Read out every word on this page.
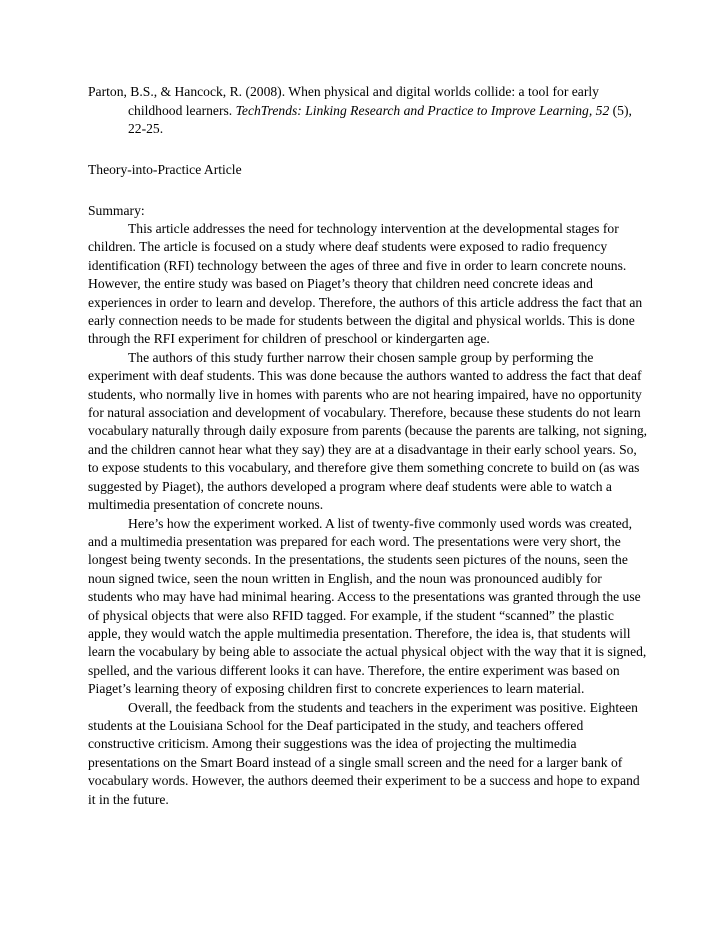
Parton, B.S., & Hancock, R. (2008). When physical and digital worlds collide: a tool for early childhood learners. TechTrends: Linking Research and Practice to Improve Learning, 52 (5), 22-25.

Theory-into-Practice Article

Summary:

This article addresses the need for technology intervention at the developmental stages for children. The article is focused on a study where deaf students were exposed to radio frequency identification (RFI) technology between the ages of three and five in order to learn concrete nouns. However, the entire study was based on Piaget’s theory that children need concrete ideas and experiences in order to learn and develop. Therefore, the authors of this article address the fact that an early connection needs to be made for students between the digital and physical worlds. This is done through the RFI experiment for children of preschool or kindergarten age.

The authors of this study further narrow their chosen sample group by performing the experiment with deaf students. This was done because the authors wanted to address the fact that deaf students, who normally live in homes with parents who are not hearing impaired, have no opportunity for natural association and development of vocabulary. Therefore, because these students do not learn vocabulary naturally through daily exposure from parents (because the parents are talking, not signing, and the children cannot hear what they say) they are at a disadvantage in their early school years. So, to expose students to this vocabulary, and therefore give them something concrete to build on (as was suggested by Piaget), the authors developed a program where deaf students were able to watch a multimedia presentation of concrete nouns.

Here’s how the experiment worked. A list of twenty-five commonly used words was created, and a multimedia presentation was prepared for each word. The presentations were very short, the longest being twenty seconds. In the presentations, the students seen pictures of the nouns, seen the noun signed twice, seen the noun written in English, and the noun was pronounced audibly for students who may have had minimal hearing. Access to the presentations was granted through the use of physical objects that were also RFID tagged. For example, if the student “scanned” the plastic apple, they would watch the apple multimedia presentation. Therefore, the idea is, that students will learn the vocabulary by being able to associate the actual physical object with the way that it is signed, spelled, and the various different looks it can have. Therefore, the entire experiment was based on Piaget’s learning theory of exposing children first to concrete experiences to learn material.

Overall, the feedback from the students and teachers in the experiment was positive. Eighteen students at the Louisiana School for the Deaf participated in the study, and teachers offered constructive criticism. Among their suggestions was the idea of projecting the multimedia presentations on the Smart Board instead of a single small screen and the need for a larger bank of vocabulary words. However, the authors deemed their experiment to be a success and hope to expand it in the future.
